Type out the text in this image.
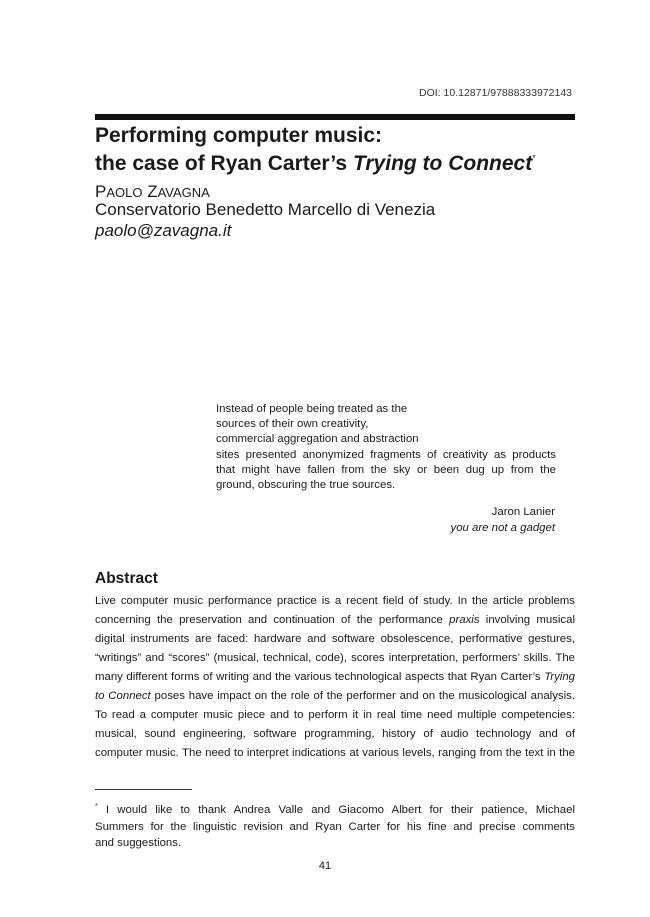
DOI: 10.12871/97888333972143
Performing computer music:
the case of Ryan Carter’s Trying to Connect*
PAOLO ZAVAGNA
Conservatorio Benedetto Marcello di Venezia
paolo@zavagna.it
Instead of people being treated as the
sources of their own creativity,
commercial aggregation and abstraction
sites presented anonymized fragments of creativity as products
that might have fallen from the sky or been dug up from the
ground, obscuring the true sources.
Jaron Lanier
you are not a gadget
Abstract
Live computer music performance practice is a recent field of study. In the article problems
concerning the preservation and continuation of the performance praxis involving musical
digital instruments are faced: hardware and software obsolescence, performative gestures,
“writings” and “scores” (musical, technical, code), scores interpretation, performers’ skills. The
many different forms of writing and the various technological aspects that Ryan Carter’s Trying
to Connect poses have impact on the role of the performer and on the musicological analysis.
To read a computer music piece and to perform it in real time need multiple competencies:
musical, sound engineering, software programming, history of audio technology and of
computer music. The need to interpret indications at various levels, ranging from the text in the
* I would like to thank Andrea Valle and Giacomo Albert for their patience, Michael
Summers for the linguistic revision and Ryan Carter for his fine and precise comments
and suggestions.
41
